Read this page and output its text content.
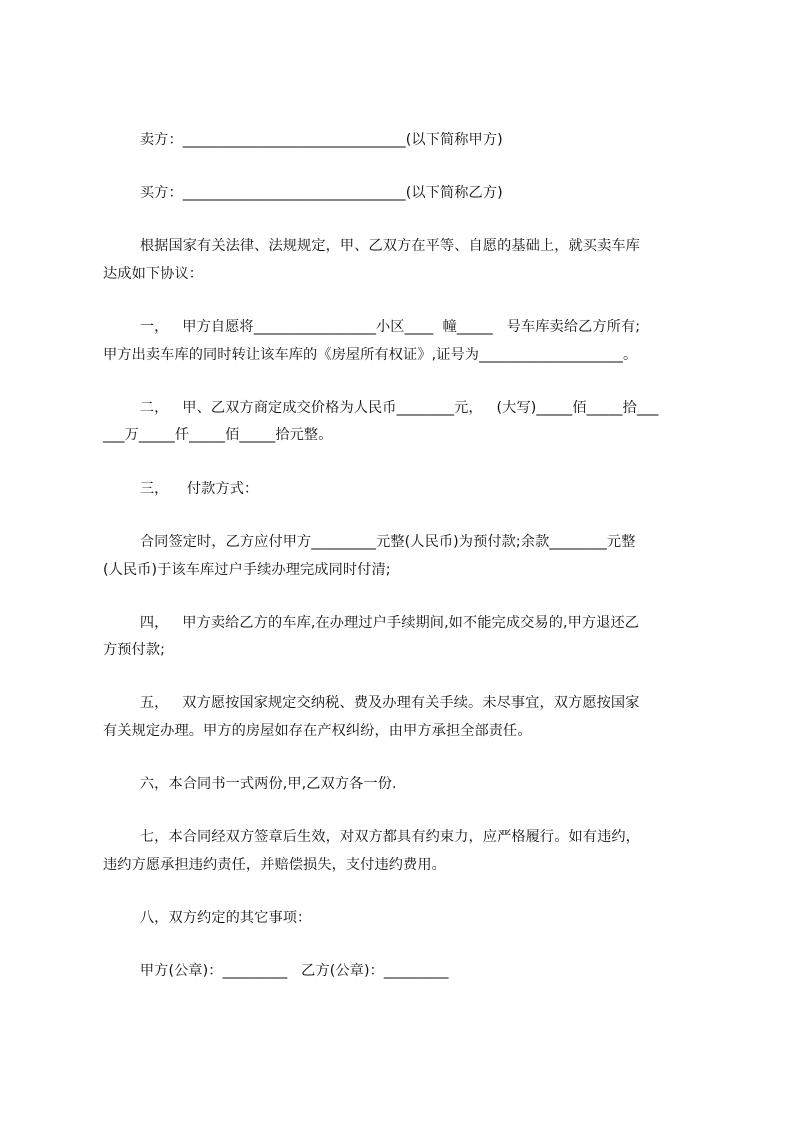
卖方：_______________________________(以下简称甲方)
买方：_______________________________(以下简称乙方)
根据国家有关法律、法规规定，甲、乙双方在平等、自愿的基础上，就买卖车库
达成如下协议：
一，   甲方自愿将_________________小区____  幢_____   号车库卖给乙方所有;
甲方出卖车库的同时转让该车库的《房屋所有权证》,证号为____________________。
二，   甲、乙双方商定成交价格为人民币________元，   (大写)_____佰_____拾___
___万_____仟_____佰_____拾元整。
三，    付款方式：
合同签定时，乙方应付甲方_________元整(人民币)为预付款;余款________元整
(人民币)于该车库过户手续办理完成同时付清;
四，   甲方卖给乙方的车库,在办理过户手续期间,如不能完成交易的,甲方退还乙
方预付款;
五，   双方愿按国家规定交纳税、费及办理有关手续。未尽事宜，双方愿按国家
有关规定办理。甲方的房屋如存在产权纠纷，由甲方承担全部责任。
六，本合同书一式两份,甲,乙双方各一份.
七，本合同经双方签章后生效，对双方都具有约束力，应严格履行。如有违约，
违约方愿承担违约责任，并赔偿损失，支付违约费用。
八，双方约定的其它事项：
甲方(公章)：_________   乙方(公章)：_________
